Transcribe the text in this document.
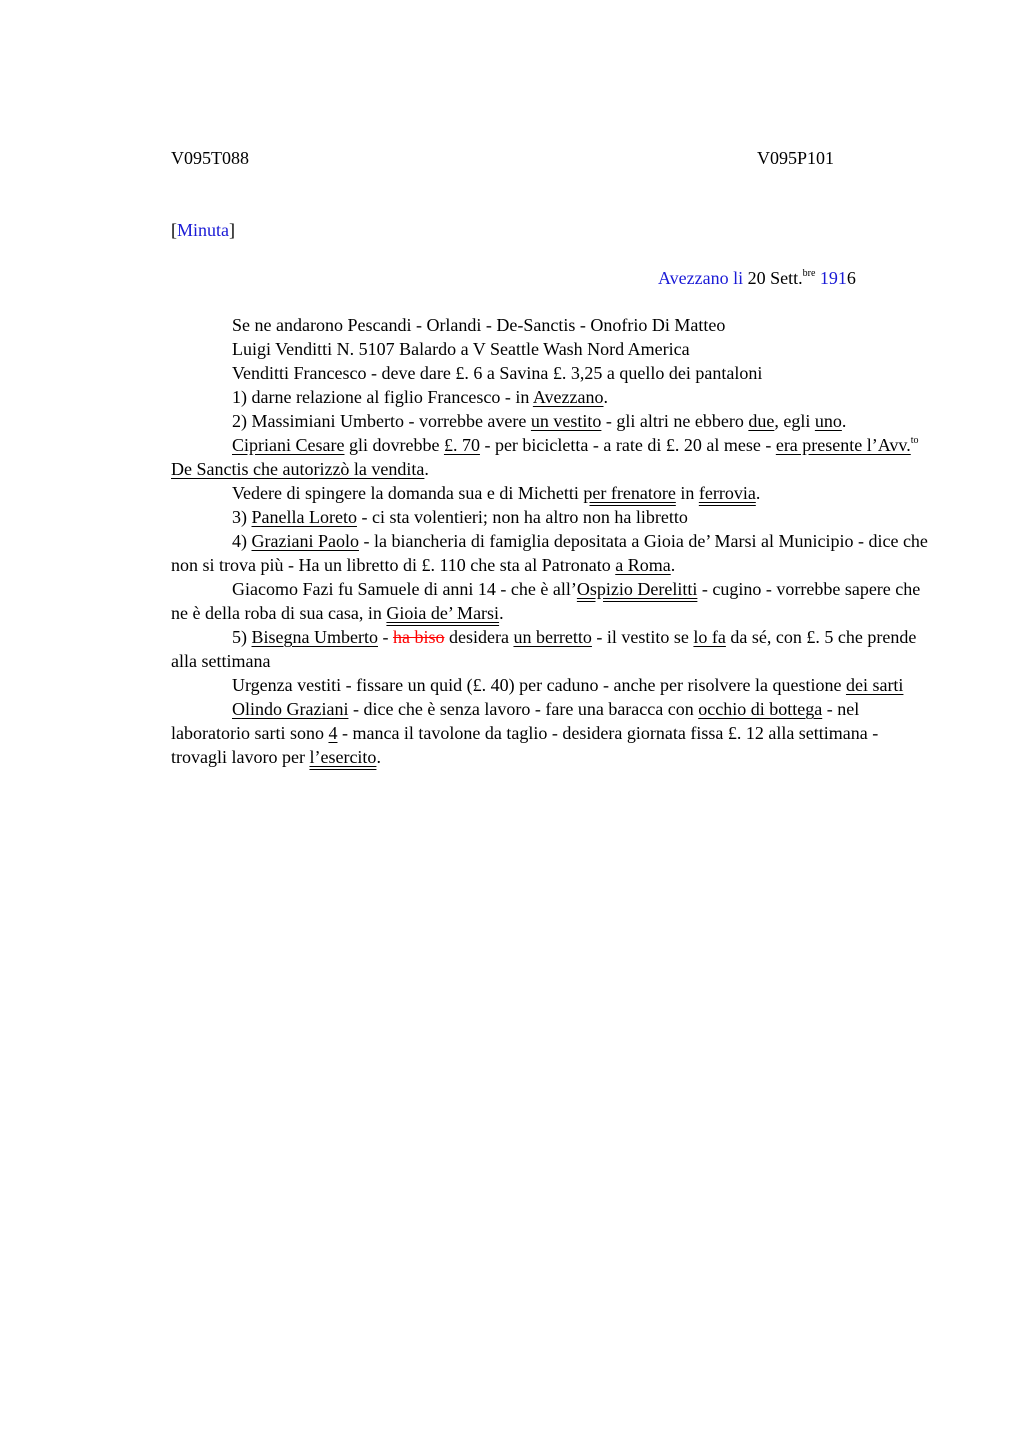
V095T088	V095P101
[Minuta]
Avezzano li 20 Sett.$^{bre}$ 1916

Se ne andarono Pescandi - Orlandi - De-Sanctis - Onofrio Di Matteo

Luigi Venditti N. 5107 Balardo a V Seattle Wash Nord America

Venditti Francesco - deve dare £. 6 a Savina £. 3,25 a quello dei pantaloni

1) darne relazione al figlio Francesco - in Avezzano.

2) Massimiani Umberto - vorrebbe avere un vestito - gli altri ne ebbero due, egli uno.

Cipriani Cesare gli dovrebbe £. 70 - per bicicletta - a rate di £. 20 al mese - era presente l’Avv.$^{to}$ De Sanctis che autorizzò la vendita.

Vedere di spingere la domanda sua e di Michetti per frenatore in ferrovia.

3) Panella Loreto - ci sta volentieri; non ha altro non ha libretto

4) Graziani Paolo - la biancheria di famiglia depositata a Gioia de’ Marsi al Municipio - dice che non si trova più - Ha un libretto di £. 110 che sta al Patronato a Roma.

Giacomo Fazi fu Samuele di anni 14 - che è all’Ospizio Derelitti - cugino - vorrebbe sapere che ne è della roba di sua casa, in Gioia de’ Marsi.

5) Bisegna Umberto - ha biso desidera un berretto - il vestito se lo fa da sé, con £. 5 che prende alla settimana

Urgenza vestiti - fissare un quid (£. 40) per caduno - anche per risolvere la questione dei sarti

Olindo Graziani - dice che è senza lavoro - fare una baracca con occhio di bottega - nel laboratorio sarti sono 4 - manca il tavolone da taglio - desidera giornata fissa £. 12 alla settimana - trovagli lavoro per l’esercito.
